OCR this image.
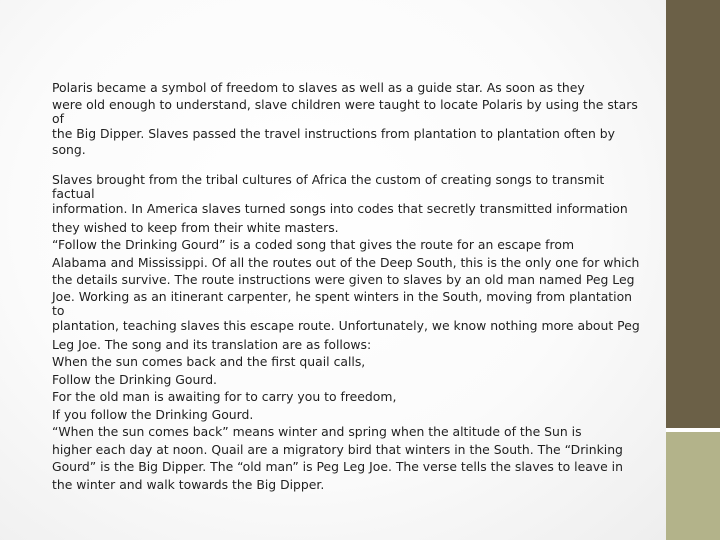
Polaris became a symbol of freedom to slaves as well as a guide star. As soon as they

were old enough to understand, slave children were taught to locate Polaris by using the stars

of

the Big Dipper. Slaves passed the travel instructions from plantation to plantation often by

song.

Slaves brought from the tribal cultures of Africa the custom of creating songs to transmit

factual

information. In America slaves turned songs into codes that secretly transmitted information

they wished to keep from their white masters.

“Follow the Drinking Gourd” is a coded song that gives the route for an escape from

Alabama and Mississippi. Of all the routes out of the Deep South, this is the only one for which

the details survive. The route instructions were given to slaves by an old man named Peg Leg

Joe. Working as an itinerant carpenter, he spent winters in the South, moving from plantation

to

plantation, teaching slaves this escape route. Unfortunately, we know nothing more about Peg

Leg Joe. The song and its translation are as follows:

When the sun comes back and the first quail calls,

Follow the Drinking Gourd.

For the old man is awaiting for to carry you to freedom,

If you follow the Drinking Gourd.

“When the sun comes back” means winter and spring when the altitude of the Sun is

higher each day at noon. Quail are a migratory bird that winters in the South. The “Drinking

Gourd” is the Big Dipper. The “old man” is Peg Leg Joe. The verse tells the slaves to leave in

the winter and walk towards the Big Dipper.
